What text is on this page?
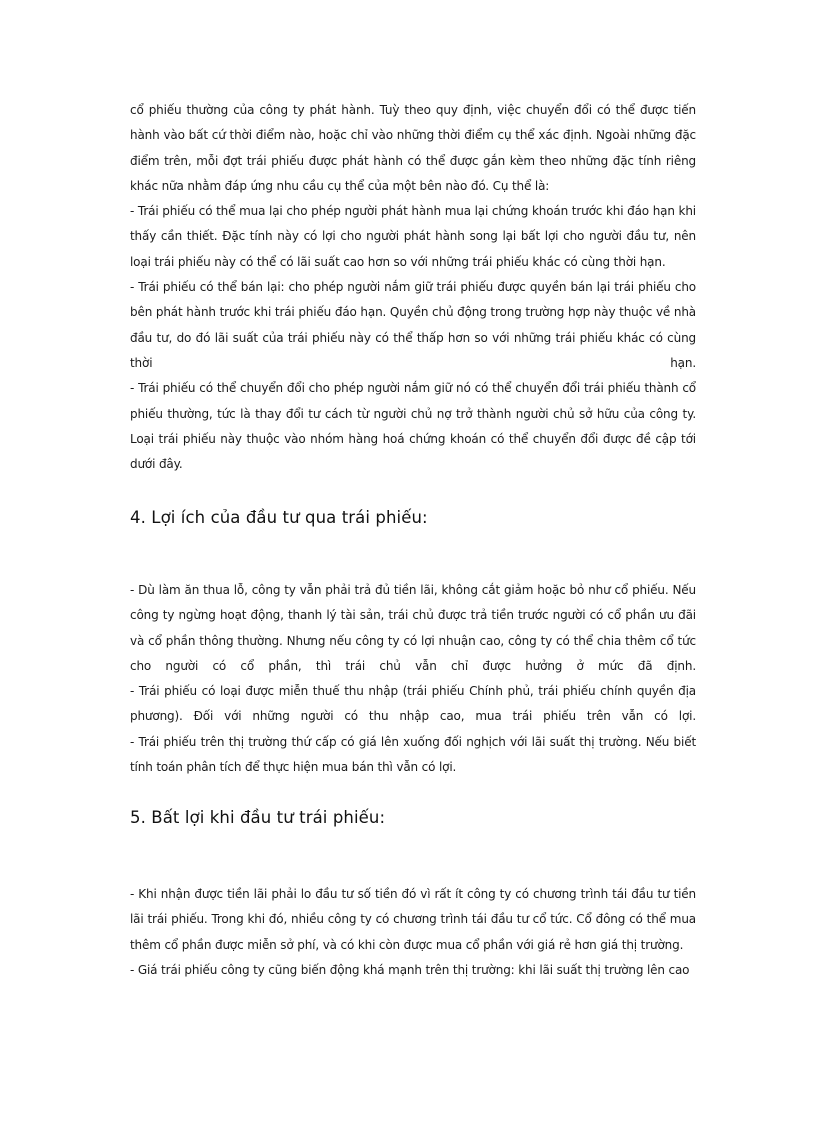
cổ phiếu thường của công ty phát hành. Tuỳ theo quy định, việc chuyển đổi có thể được tiến hành vào bất cứ thời điểm nào, hoặc chỉ vào những thời điểm cụ thể xác định. Ngoài những đặc điểm trên, mỗi đợt trái phiếu được phát hành có thể được gắn kèm theo những đặc tính riêng khác nữa nhằm đáp ứng nhu cầu cụ thể của một bên nào đó. Cụ thể là:

- Trái phiếu có thể mua lại cho phép người phát hành mua lại chứng khoán trước khi đáo hạn khi thấy cần thiết. Đặc tính này có lợi cho người phát hành song lại bất lợi cho người đầu tư, nên loại trái phiếu này có thể có lãi suất cao hơn so với những trái phiếu khác có cùng thời hạn.

- Trái phiếu có thể bán lại: cho phép người nắm giữ trái phiếu được quyền bán lại trái phiếu cho bên phát hành trước khi trái phiếu đáo hạn. Quyền chủ động trong trường hợp này thuộc về nhà đầu tư, do đó lãi suất của trái phiếu này có thể thấp hơn so với những trái phiếu khác có cùng thời hạn.

- Trái phiếu có thể chuyển đổi cho phép người nắm giữ nó có thể chuyển đổi trái phiếu thành cổ phiếu thường, tức là thay đổi tư cách từ người chủ nợ trở thành người chủ sở hữu của công ty. Loại trái phiếu này thuộc vào nhóm hàng hoá chứng khoán có thể chuyển đổi được đề cập tới dưới đây.

4. Lợi ích của đầu tư qua trái phiếu:

- Dù làm ăn thua lỗ, công ty vẫn phải trả đủ tiền lãi, không cắt giảm hoặc bỏ như cổ phiếu. Nếu công ty ngừng hoạt động, thanh lý tài sản, trái chủ được trả tiền trước người có cổ phần ưu đãi và cổ phần thông thường. Nhưng nếu công ty có lợi nhuận cao, công ty có thể chia thêm cổ tức cho người có cổ phần, thì trái chủ vẫn chỉ được hưởng ở mức đã định.

- Trái phiếu có loại được miễn thuế thu nhập (trái phiếu Chính phủ, trái phiếu chính quyền địa phương). Đối với những người có thu nhập cao, mua trái phiếu trên vẫn có lợi.

- Trái phiếu trên thị trường thứ cấp có giá lên xuống đối nghịch với lãi suất thị trường. Nếu biết tính toán phân tích để thực hiện mua bán thì vẫn có lợi.

5. Bất lợi khi đầu tư trái phiếu:

- Khi nhận được tiền lãi phải lo đầu tư số tiền đó vì rất ít công ty có chương trình tái đầu tư tiền lãi trái phiếu. Trong khi đó, nhiều công ty có chương trình tái đầu tư cổ tức. Cổ đông có thể mua thêm cổ phần được miễn sở phí, và có khi còn được mua cổ phần với giá rẻ hơn giá thị trường.

- Giá trái phiếu công ty cũng biến động khá mạnh trên thị trường: khi lãi suất thị trường lên cao
